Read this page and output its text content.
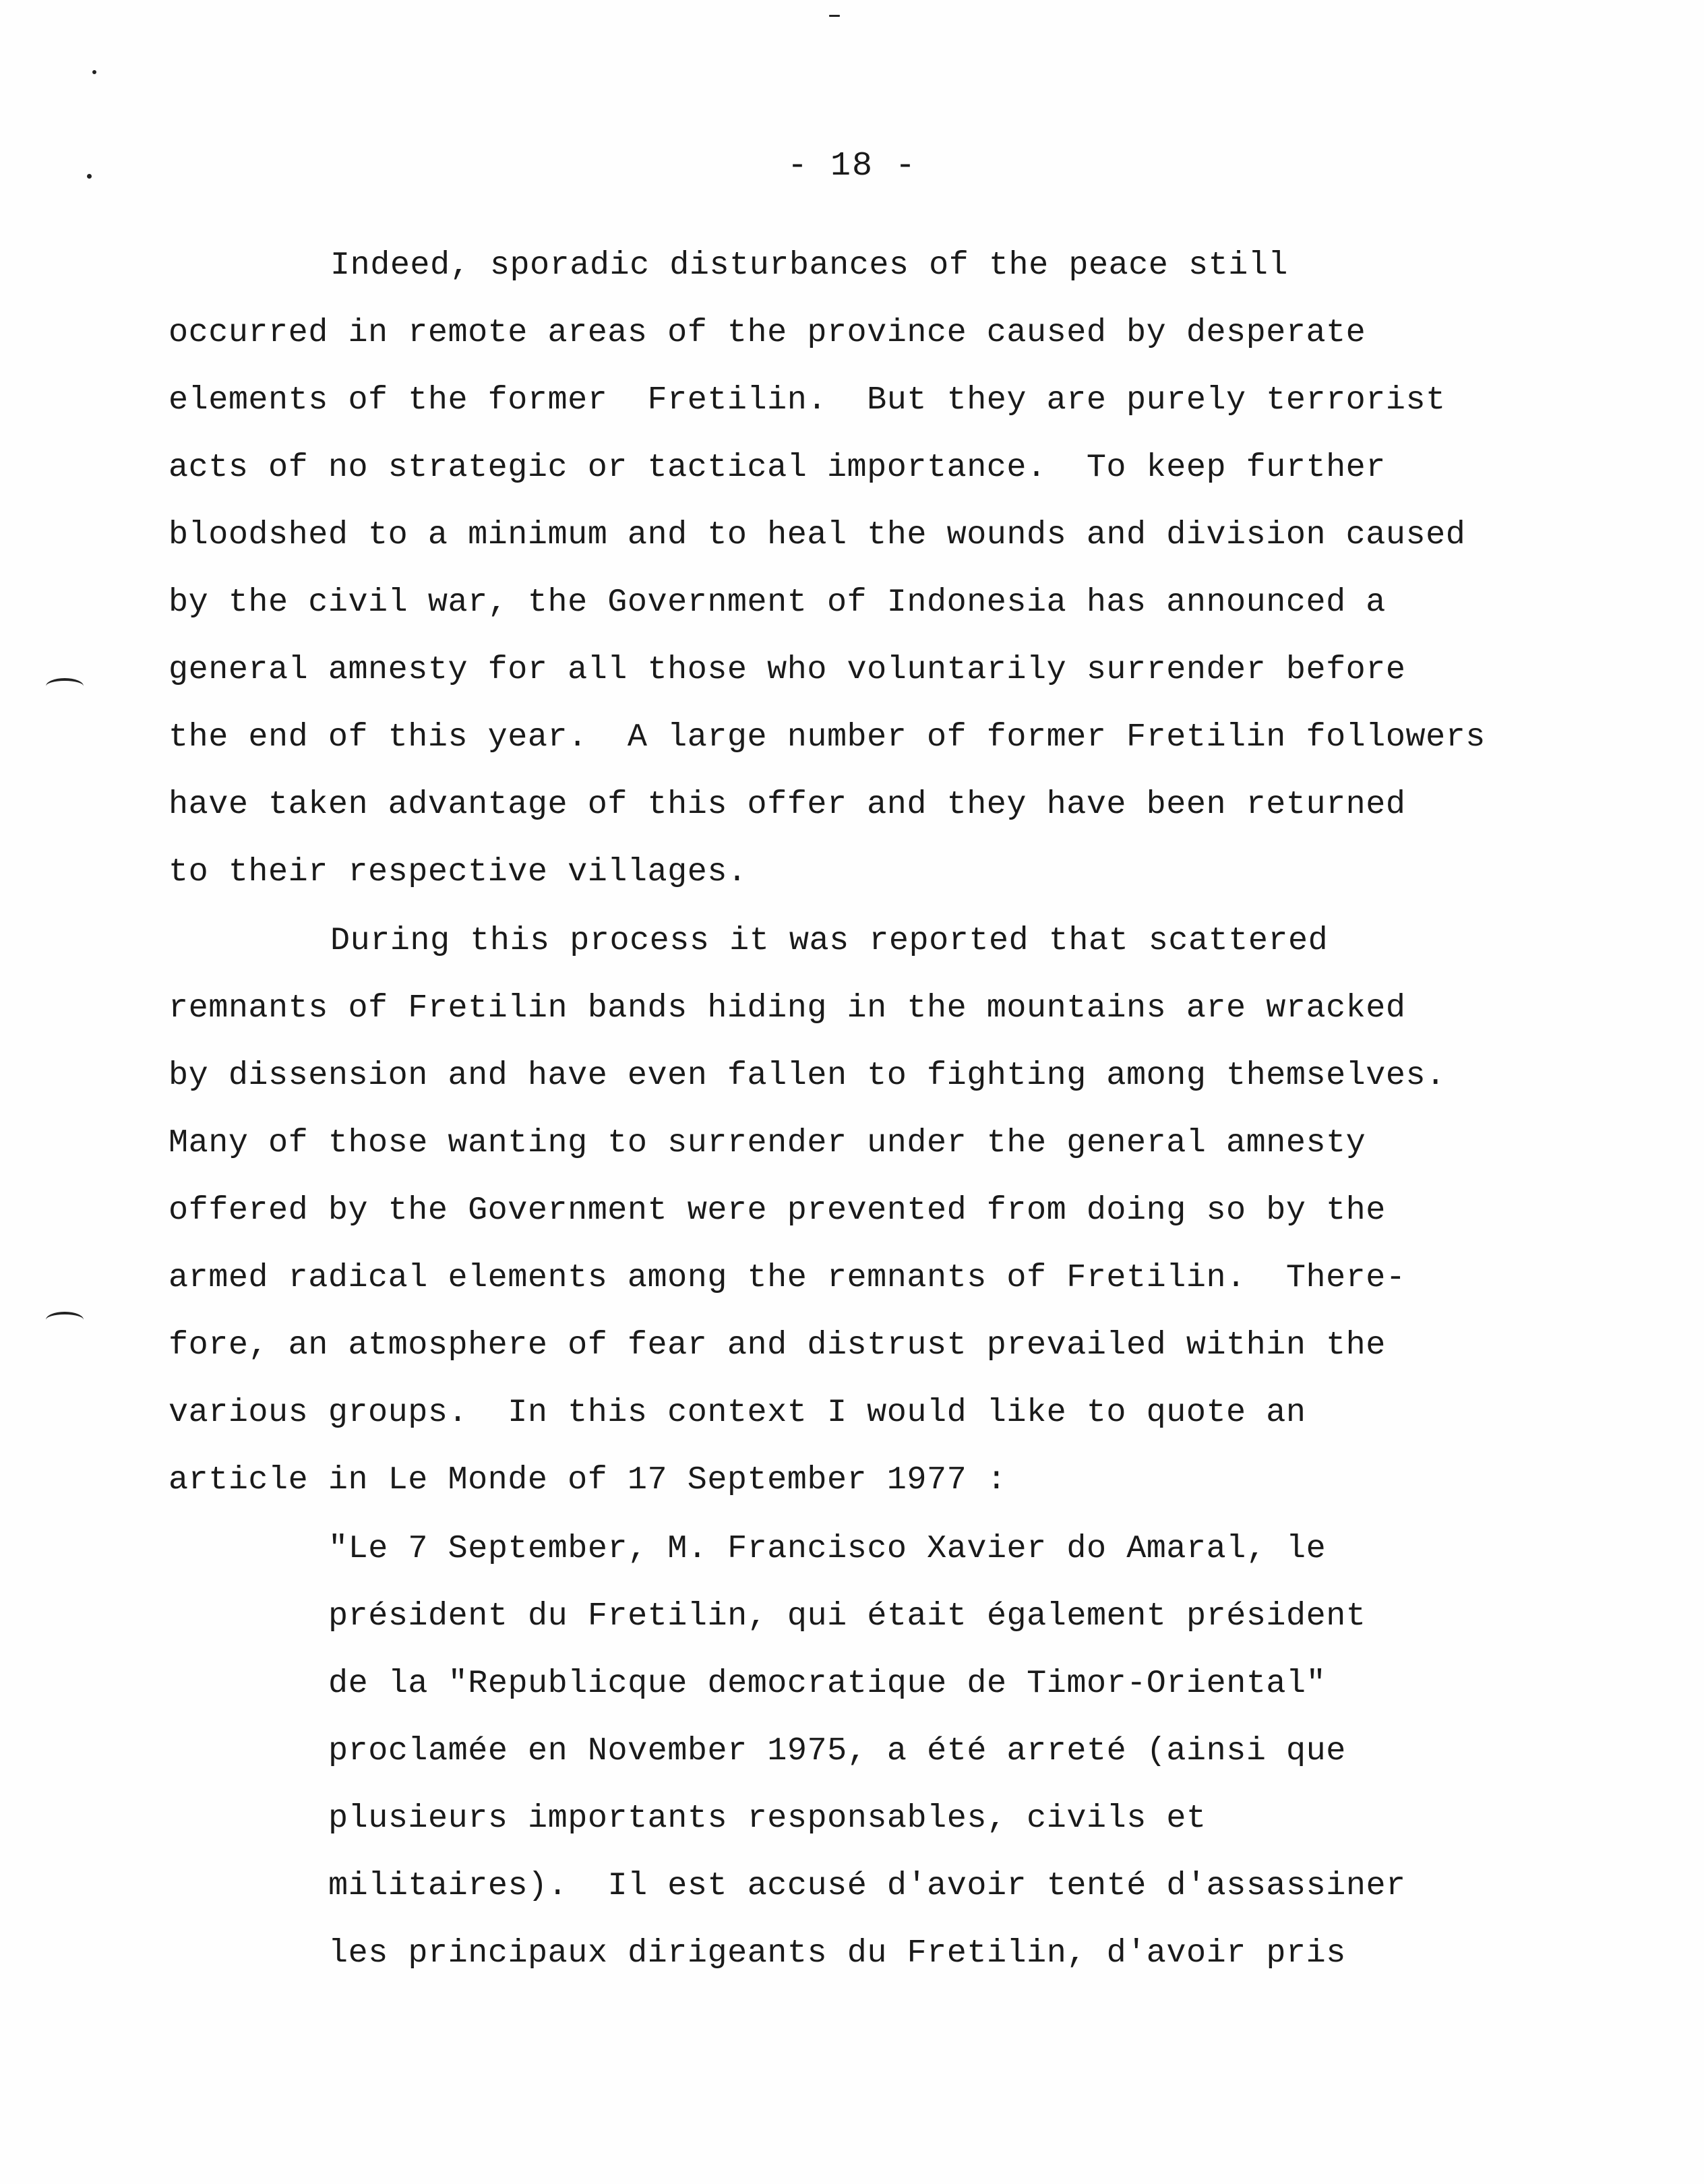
- 18 -
Indeed, sporadic disturbances of the peace still
occurred in remote areas of the province caused by desperate
elements of the former  Fretilin.  But they are purely terrorist
acts of no strategic or tactical importance.  To keep further
bloodshed to a minimum and to heal the wounds and division caused
by the civil war, the Government of Indonesia has announced a
general amnesty for all those who voluntarily surrender before
the end of this year.  A large number of former Fretilin followers
have taken advantage of this offer and they have been returned
to their respective villages.
During this process it was reported that scattered
remnants of Fretilin bands hiding in the mountains are wracked
by dissension and have even fallen to fighting among themselves.
Many of those wanting to surrender under the general amnesty
offered by the Government were prevented from doing so by the
armed radical elements among the remnants of Fretilin.  There-
fore, an atmosphere of fear and distrust prevailed within the
various groups.  In this context I would like to quote an
article in Le Monde of 17 September 1977 :
"Le 7 September, M. Francisco Xavier do Amaral, le
président du Fretilin, qui était également président
de la "Republicque democratique de Timor-Oriental"
proclamée en November 1975, a été arreté (ainsi que
plusieurs importants responsables, civils et
militaires).  Il est accusé d'avoir tenté d'assassiner
les principaux dirigeants du Fretilin, d'avoir pris
